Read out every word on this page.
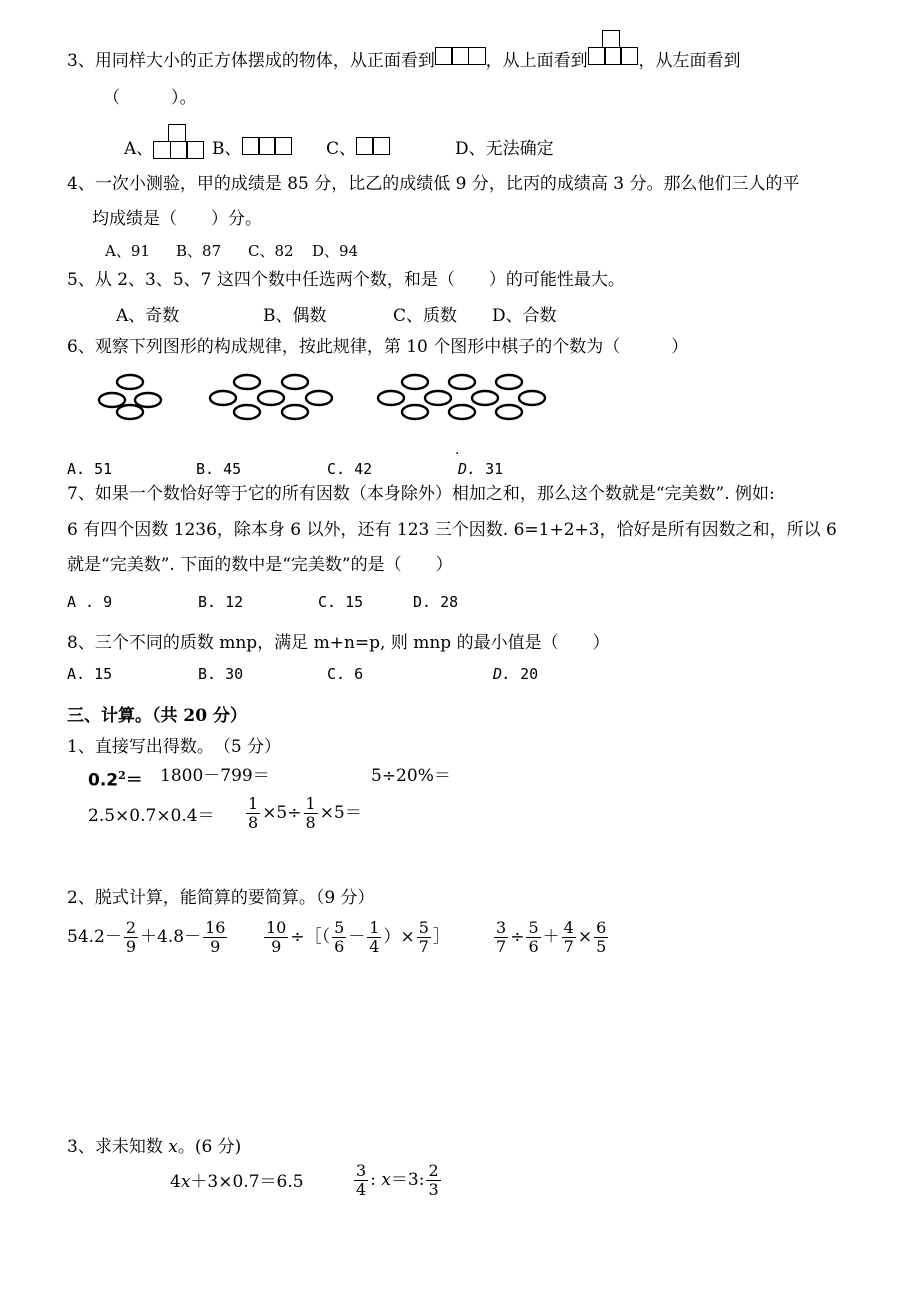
3、用同样大小的正方体摆成的物体，从正面看到	，从上面看到	，从左面看到
（　　　）。
A、	B、	C、	D、无法确定
4、一次小测验，甲的成绩是 85 分，比乙的成绩低 9 分，比丙的成绩高 3 分。那么他们三人的平
均成绩是（　　）分。
A、91 B、87 C、82 D、94
5、从 2、3、5、7 这四个数中任选两个数，和是（　　）的可能性最大。
A、奇数	B、偶数	C、质数 D、合数
6、观察下列图形的构成规律，按此规律，第 10 个图形中棋子的个数为（　　　）
.
A. 51	B. 45	C. 42	D. 31
7、如果一个数恰好等于它的所有因数（本身除外）相加之和，那么这个数就是“完美数”. 例如:
6 有四个因数 1236，除本身 6 以外，还有 123 三个因数. 6=1+2+3，恰好是所有因数之和，所以 6
就是“完美数”. 下面的数中是“完美数”的是（　　）
A . 9	B. 12	C. 15	D. 28
8、三个不同的质数 mnp，满足 m+n=p, 则 mnp 的最小值是（　　）
A. 15	B. 30	C. 6	D. 20
三、计算。（共 20 分）
1、直接写出得数。　（5 分）
$0.2^2= 1800-799=$	5÷20%＝
$2.5\times 0.7\times 0.4= \frac{1}{8} \times 5\div \frac{1}{8} \times 5=$
2、脱式计算，能简算的要简算。（9 分）
$54.2- \frac{2}{9} +4.8- \frac{16}{9} \frac{10}{9}$ ÷［（ $\frac{5}{6} - \frac{1}{4}$ ）× $\frac{5}{7}$ ］	$\frac{3}{7} \div \frac{5}{6} + \frac{4}{7} \times \frac{6}{5}$
3、求未知数 x。(6 分)
4x＋3×0.7＝6.5	$\frac{3}{4}$ : x＝3: $\frac{2}{3}$
